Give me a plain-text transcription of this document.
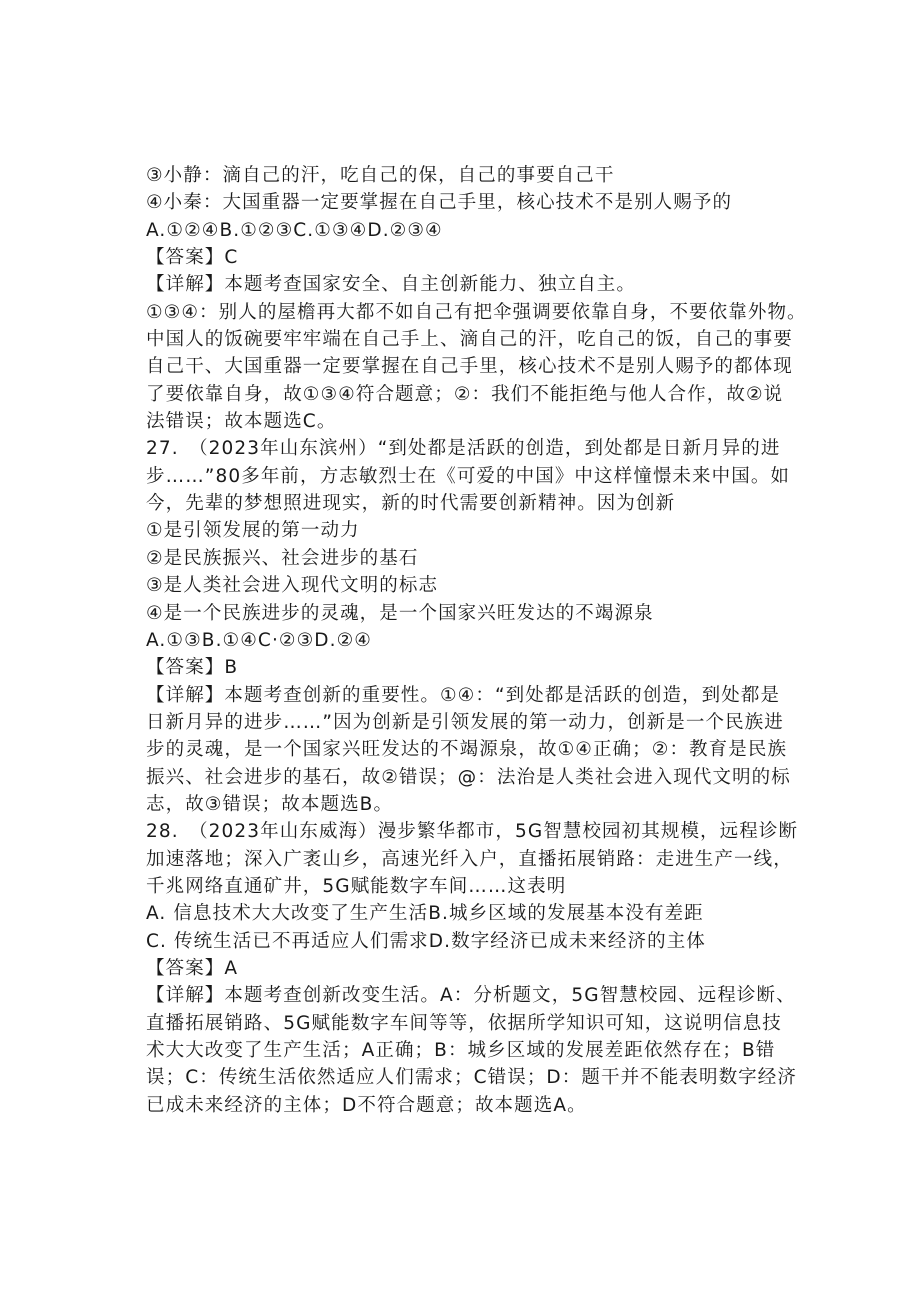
③小静：滴自己的汗，吃自己的保，自己的事要自己干
④小秦：大国重器一定要掌握在自己手里，核心技术不是别人赐予的
A.①②④B.①②③C.①③④D.②③④
【答案】C
【详解】本题考查国家安全、自主创新能力、独立自主。
①③④：别人的屋檐再大都不如自己有把伞强调要依靠自身，不要依靠外物。
中国人的饭碗要牢牢端在自己手上、滴自己的汗，吃自己的饭，自己的事要
自己干、大国重器一定要掌握在自己手里，核心技术不是别人赐予的都体现
了要依靠自身，故①③④符合题意；②：我们不能拒绝与他人合作，故②说
法错误；故本题选C。
27.　（2023年山东滨州）“到处都是活跃的创造，到处都是日新月异的进
步……”80多年前，方志敏烈士在《可爱的中国》中这样憧憬未来中国。如
今，先辈的梦想照进现实，新的时代需要创新精神。因为创新
①是引领发展的第一动力
②是民族振兴、社会进步的基石
③是人类社会进入现代文明的标志
④是一个民族进步的灵魂，是一个国家兴旺发达的不竭源泉
A.①③B.①④C·②③D.②④
【答案】B
【详解】本题考查创新的重要性。①④：“到处都是活跃的创造，到处都是
日新月异的进步……”因为创新是引领发展的第一动力，创新是一个民族进
步的灵魂，是一个国家兴旺发达的不竭源泉，故①④正确；②：教育是民族
振兴、社会进步的基石，故②错误；@：法治是人类社会进入现代文明的标
志，故③错误；故本题选B。
28.　（2023年山东威海）漫步繁华都市，5G智慧校园初其规模，远程诊断
加速落地；深入广袤山乡，高速光纤入户，直播拓展销路：走进生产一线，
千兆网络直通矿井，5G赋能数字车间……这表明
A. 信息技术大大改变了生产生活B.城乡区域的发展基本没有差距
C. 传统生活已不再适应人们需求D.数字经济已成未来经济的主体
【答案】A
【详解】本题考查创新改变生活。A：分析题文，5G智慧校园、远程诊断、
直播拓展销路、5G赋能数字车间等等，依据所学知识可知，这说明信息技
术大大改变了生产生活；A正确；B：城乡区域的发展差距依然存在；B错
误；C：传统生活依然适应人们需求；C错误；D：题干并不能表明数字经济
已成未来经济的主体；D不符合题意；故本题选A。
